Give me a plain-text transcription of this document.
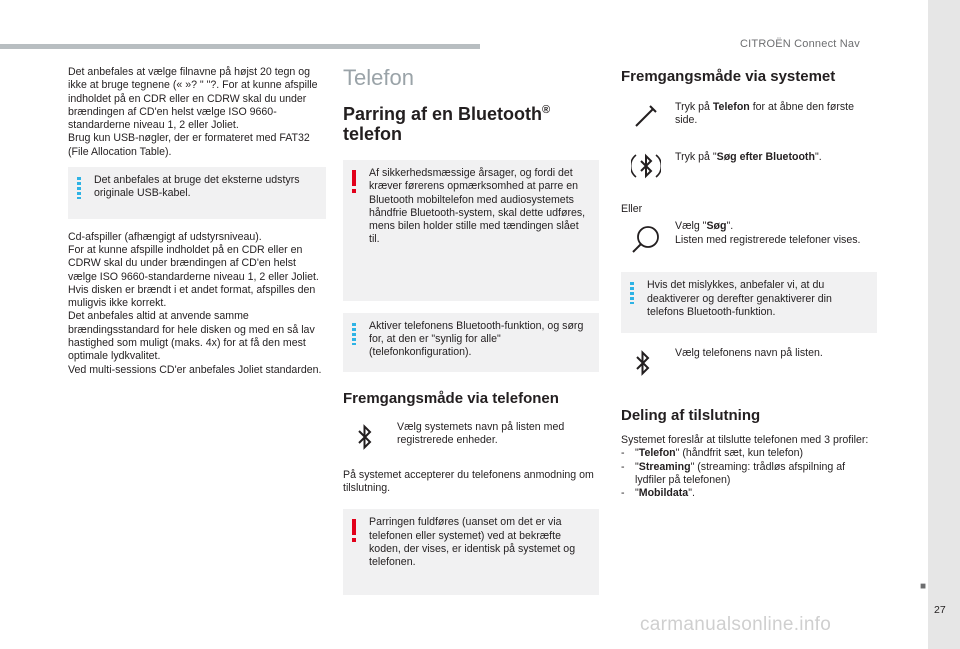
CITROËN Connect Nav

Det anbefales at vælge filnavne på højst 20 tegn og ikke at bruge tegnene (« »? " "?. For at kunne afspille indholdet på en CDR eller en CDRW skal du under brændingen af CD'en helst vælge ISO 9660-standarderne niveau 1, 2 eller Joliet.

Brug kun USB-nøgler, der er formateret med FAT32 (File Allocation Table).

Det anbefales at bruge det eksterne udstyrs originale USB-kabel.

Cd-afspiller (afhængigt af udstyrsniveau).

For at kunne afspille indholdet på en CDR eller en CDRW skal du under brændingen af CD'en helst vælge ISO 9660-standarderne niveau 1, 2 eller Joliet.

Hvis disken er brændt i et andet format, afspilles den muligvis ikke korrekt.

Det anbefales altid at anvende samme brændingsstandard for hele disken og med en så lav hastighed som muligt (maks. 4x) for at få den mest optimale lydkvalitet.

Ved multi-sessions CD'er anbefales Joliet standarden.

Telefon
Parring af en Bluetooth®
telefon

Af sikkerhedsmæssige årsager, og fordi det kræver førerens opmærksomhed at parre en Bluetooth mobiltelefon med audiosystemets håndfrie Bluetooth-system, skal dette udføres, mens bilen holder stille med tændingen slået til.

Aktiver telefonens Bluetooth-funktion, og sørg for, at den er "synlig for alle" (telefonkonfiguration).

Fremgangsmåde via telefonen
Vælg systemets navn på listen med registrerede enheder.

På systemet accepterer du telefonens anmodning om tilslutning.

Parringen fuldføres (uanset om det er via telefonen eller systemet) ved at bekræfte koden, der vises, er identisk på systemet og telefonen.

Fremgangsmåde via systemet
Tryk på Telefon for at åbne den første side.
Tryk på "Søg efter Bluetooth".

Eller

Vælg "Søg".
Listen med registrerede telefoner vises.

Hvis det mislykkes, anbefaler vi, at du deaktiverer og derefter genaktiverer din telefons Bluetooth-funktion.

Vælg telefonens navn på listen.
Deling af tilslutning

Systemet foreslår at tilslutte telefonen med 3 profiler:

- "Telefon" (håndfrit sæt, kun telefon)
- "Streaming" (streaming: trådløs afspilning af lydfiler på telefonen)
- "Mobildata".
■
27
carmanualsonline.info
